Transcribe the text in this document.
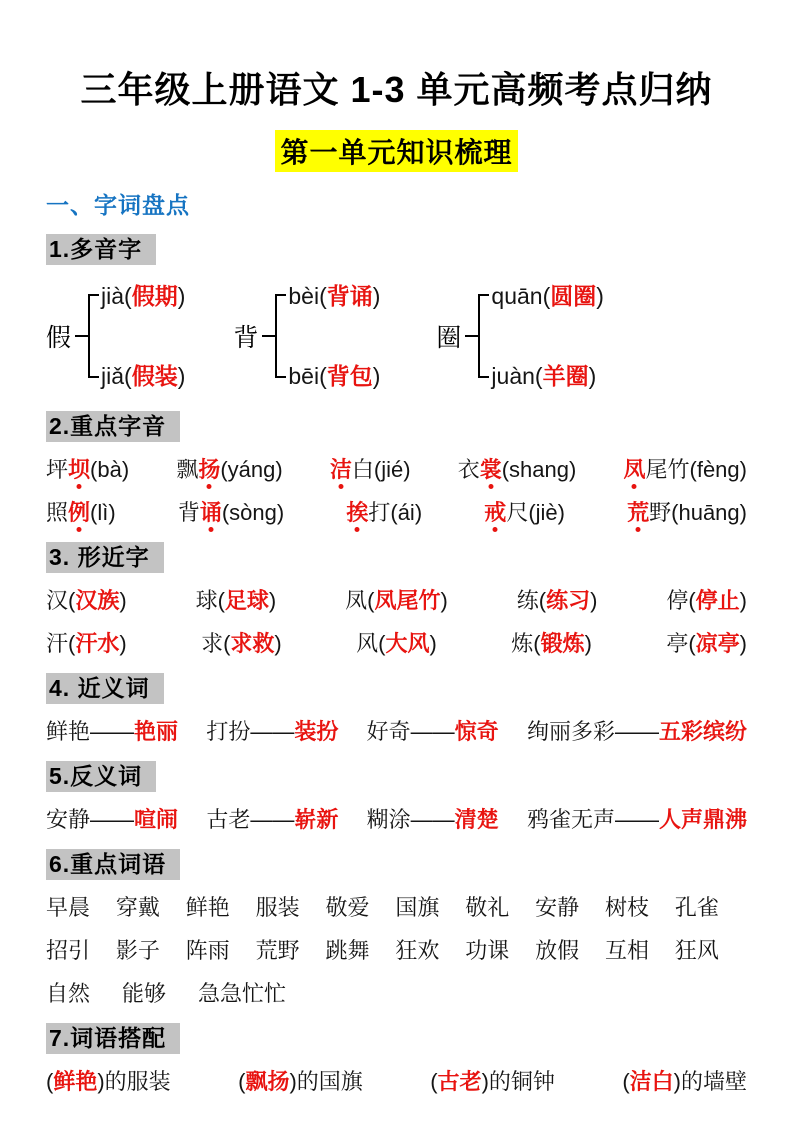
三年级上册语文 1-3 单元高频考点归纳
第一单元知识梳理
一、字词盘点
1.多音字
假
jià(假期)
jiǎ(假装)
背
bèi(背诵)
bēi(背包)
圈
quān(圆圈)
juàn(羊圈)
2.重点字音
坪坝(bà) 飘扬(yáng) 洁白(jié) 衣裳(shang) 凤尾竹(fèng)
照例(lì)	背诵(sòng)	挨打(ái)	戒尺(jiè)	荒野(huāng)
3. 形近字
汉(汉族)	球(足球)	凤(凤尾竹)	练(练习)	停(停止)
汗(汗水)	求(求救)	风(大风)	炼(锻炼)	亭(凉亭)
4. 近义词
鲜艳——艳丽 打扮——装扮 好奇——惊奇 绚丽多彩——五彩缤纷
5.反义词
安静——喧闹 古老——崭新 糊涂——清楚 鸦雀无声——人声鼎沸
6.重点词语
早晨 穿戴 鲜艳 服装 敬爱 国旗 敬礼 安静 树枝 孔雀
招引 影子 阵雨 荒野 跳舞 狂欢 功课 放假 互相 狂风
自然 能够 急急忙忙
7.词语搭配
(鲜艳)的服装	(飘扬)的国旗	(古老)的铜钟	(洁白)的墙壁
